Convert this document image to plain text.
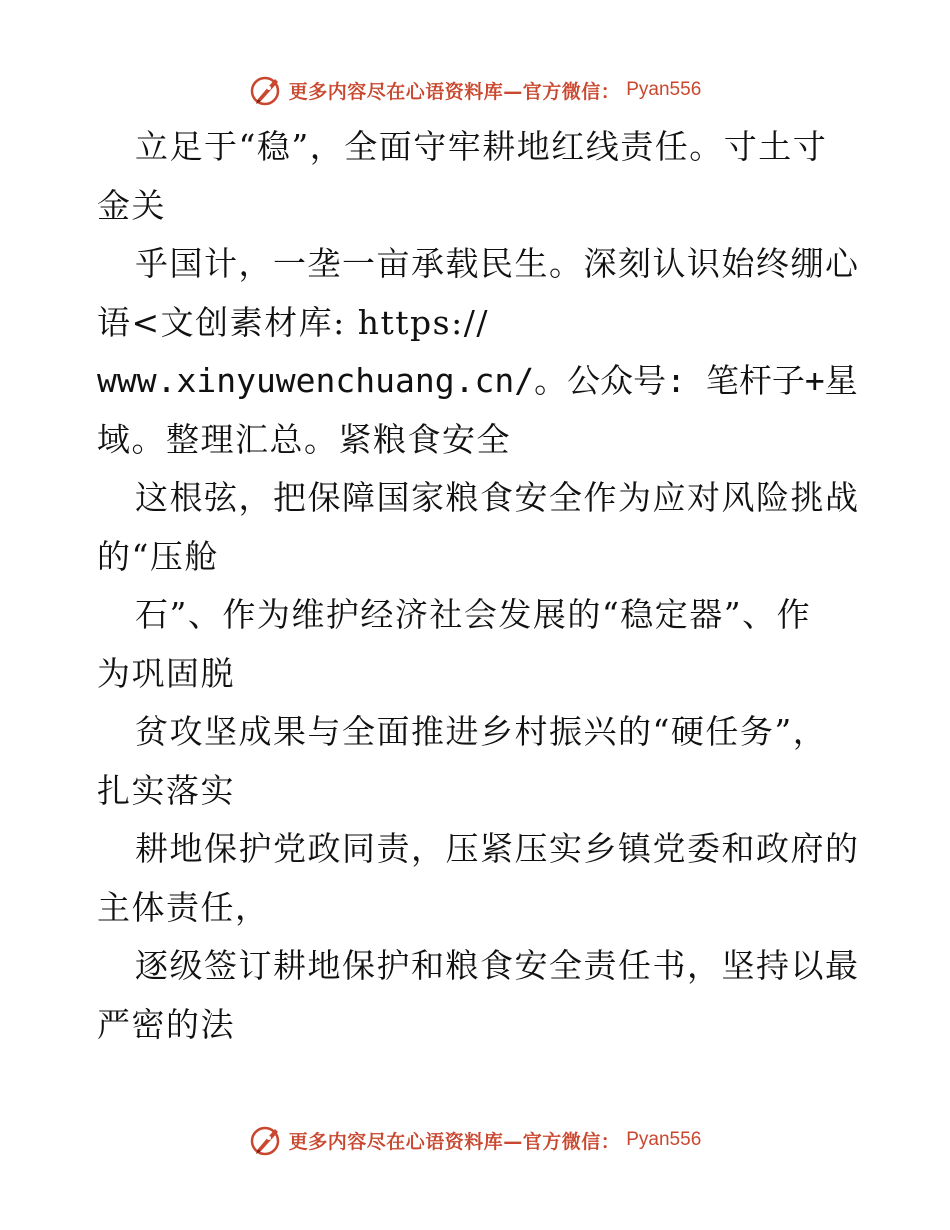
更多内容尽在心语资料库—官方微信： Pyan556
立足于“稳”，全面守牢耕地红线责任。寸土寸
金关
乎国计，一垄一亩承载民生。深刻认识始终绷心
语<文创素材库: https://
www.xinyuwenchuang.cn/。公众号: 笔杆子+星
域。整理汇总。紧粮食安全
这根弦，把保障国家粮食安全作为应对风险挑战
的“压舱
石”、作为维护经济社会发展的“稳定器”、作
为巩固脱
贫攻坚成果与全面推进乡村振兴的“硬任务”，
扎实落实
耕地保护党政同责，压紧压实乡镇党委和政府的
主体责任，
逐级签订耕地保护和粮食安全责任书，坚持以最
严密的法
更多内容尽在心语资料库—官方微信： Pyan556
